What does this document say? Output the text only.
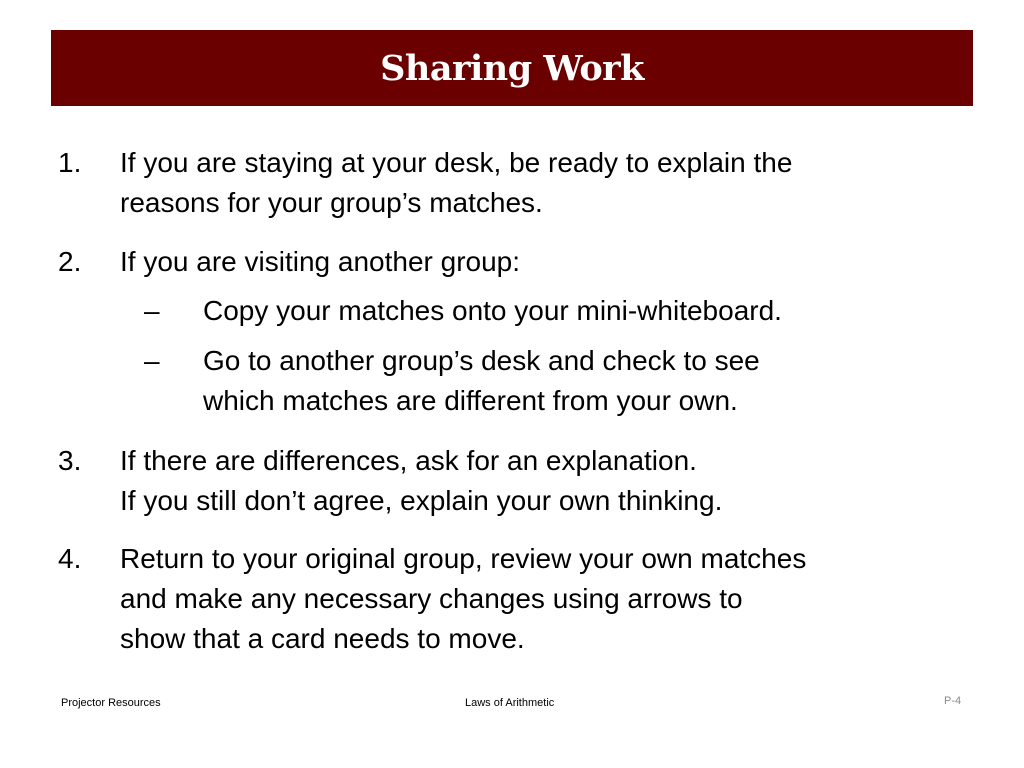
Sharing Work
1.	If you are staying at your desk, be ready to explain the
reasons for your group’s matches.
2.	If you are visiting another group:
–	Copy your matches onto your mini-whiteboard.
–	Go to another group’s desk and check to see
which matches are different from your own.
3.	If there are differences, ask for an explanation.
If you still don’t agree, explain your own thinking.
4.	Return to your original group, review your own matches
and make any necessary changes using arrows to
show that a card needs to move.
Projector Resources	Laws of Arithmetic	P-4
